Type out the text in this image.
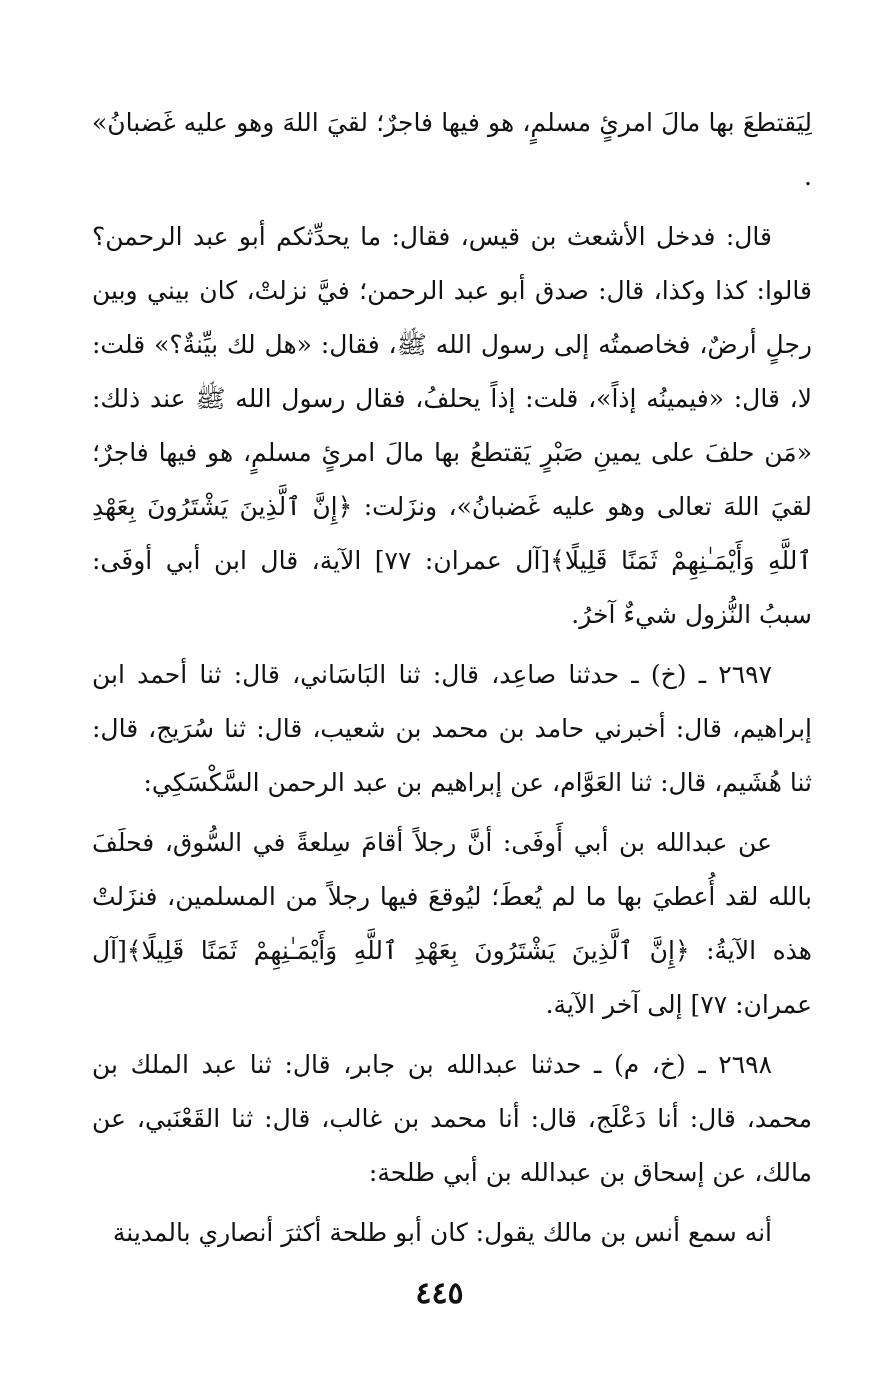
لِيَقتطعَ بها مالَ امرئٍ مسلمٍ، هو فيها فاجرٌ؛ لقيَ اللهَ وهو عليه غَضبانُ» .

قال: فدخل الأشعث بن قيس، فقال: ما يحدِّثكم أبو عبد الرحمن؟ قالوا: كذا وكذا، قال: صدق أبو عبد الرحمن؛ فيَّ نزلتْ، كان بيني وبين رجلٍ أرضٌ، فخاصمتُه إلى رسول الله ﷺ، فقال: «هل لك بيِّنةٌ؟» قلت: لا، قال: «فيمينُه إذاً»، قلت: إذاً يحلفُ، فقال رسول الله ﷺ عند ذلك: «مَن حلفَ على يمينِ صَبْرٍ يَقتطعُ بها مالَ امرئٍ مسلمٍ، هو فيها فاجرٌ؛ لقيَ اللهَ تعالى وهو عليه غَضبانُ»، ونزَلت: ﴿إِنَّ ٱلَّذِينَ يَشْتَرُونَ بِعَهْدِ ٱللَّهِ وَأَيْمَـٰنِهِمْ ثَمَنًا قَلِيلًا﴾[آل عمران: ٧٧] الآية، قال ابن أبي أوفَى: سببُ النُّزول شيءٌ آخرُ.

٢٦٩٧ ـ (خ) ـ حدثنا صاعِد، قال: ثنا البَاسَاني، قال: ثنا أحمد ابن إبراهيم، قال: أخبرني حامد بن محمد بن شعيب، قال: ثنا سُرَيج، قال: ثنا هُشَيم، قال: ثنا العَوَّام، عن إبراهيم بن عبد الرحمن السَّكْسَكِي:

عن عبدالله بن أبي أَوفَى: أنَّ رجلاً أقامَ سِلعةً في السُّوق، فحلَفَ بالله لقد أُعطيَ بها ما لم يُعطَ؛ ليُوقعَ فيها رجلاً من المسلمين، فنزَلتْ هذه الآيةُ: ﴿إِنَّ ٱلَّذِينَ يَشْتَرُونَ بِعَهْدِ ٱللَّهِ وَأَيْمَـٰنِهِمْ ثَمَنًا قَلِيلًا﴾[آل عمران: ٧٧] إلى آخر الآية.

٢٦٩٨ ـ (خ، م) ـ حدثنا عبدالله بن جابر، قال: ثنا عبد الملك بن محمد، قال: أنا دَعْلَج، قال: أنا محمد بن غالب، قال: ثنا القَعْنَبي، عن مالك، عن إسحاق بن عبدالله بن أبي طلحة:

أنه سمع أنس بن مالك يقول: كان أبو طلحة أكثرَ أنصاري بالمدينة

٤٤٥
